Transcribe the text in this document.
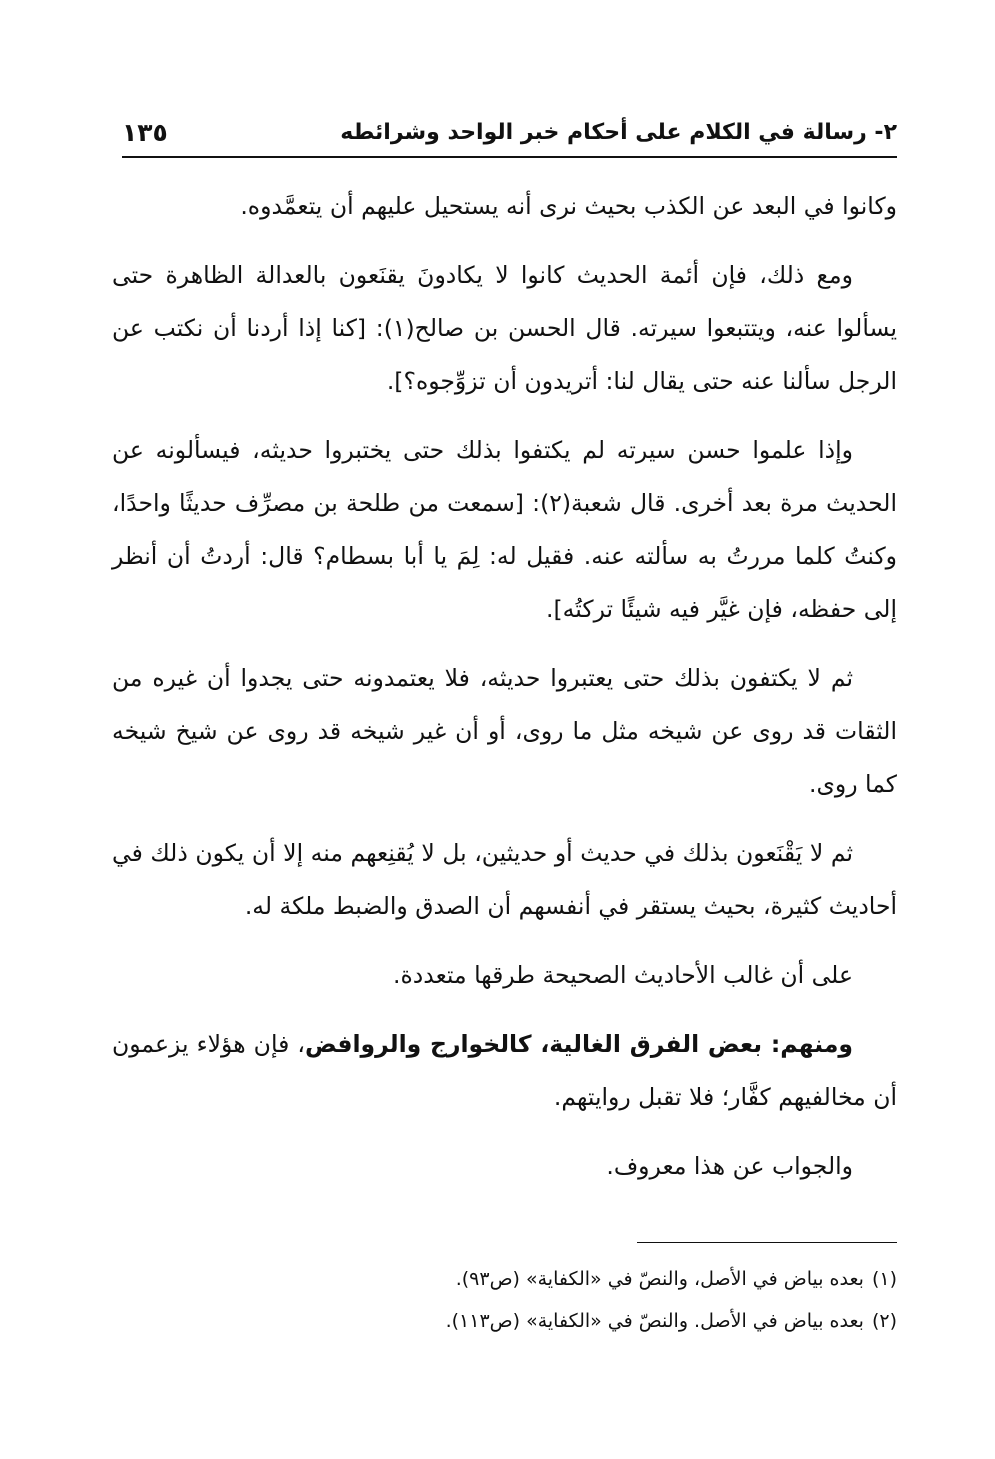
٢- رسالة في الكلام على أحكام خبر الواحد وشرائطه
١٣٥

وكانوا في البعد عن الكذب بحيث نرى أنه يستحيل عليهم أن يتعمَّدوه.

ومع ذلك، فإن أئمة الحديث كانوا لا يكادونَ يقنَعون بالعدالة الظاهرة حتى يسألوا عنه، ويتتبعوا سيرته. قال الحسن بن صالح(١): [كنا إذا أردنا أن نكتب عن الرجل سألنا عنه حتى يقال لنا: أتريدون أن تزوِّجوه؟].

وإذا علموا حسن سيرته لم يكتفوا بذلك حتى يختبروا حديثه، فيسألونه عن الحديث مرة بعد أخرى. قال شعبة(٢): [سمعت من طلحة بن مصرِّف حديثًا واحدًا، وكنتُ كلما مررتُ به سألته عنه. فقيل له: لِمَ يا أبا بسطام؟ قال: أردتُ أن أنظر إلى حفظه، فإن غيَّر فيه شيئًا تركتُه].

ثم لا يكتفون بذلك حتى يعتبروا حديثه، فلا يعتمدونه حتى يجدوا أن غيره من الثقات قد روى عن شيخه مثل ما روى، أو أن غير شيخه قد روى عن شيخ شيخه كما روى.

ثم لا يَقْنَعون بذلك في حديث أو حديثين، بل لا يُقنِعهم منه إلا أن يكون ذلك في أحاديث كثيرة، بحيث يستقر في أنفسهم أن الصدق والضبط ملكة له.

على أن غالب الأحاديث الصحيحة طرقها متعددة.

ومنهم: بعض الفرق الغالية، كالخوارج والروافض، فإن هؤلاء يزعمون أن مخالفيهم كفَّار؛ فلا تقبل روايتهم.

والجواب عن هذا معروف.

(١)بعده بياض في الأصل، والنصّ في «الكفاية» (ص٩٣).
(٢)بعده بياض في الأصل. والنصّ في «الكفاية» (ص١١٣).
